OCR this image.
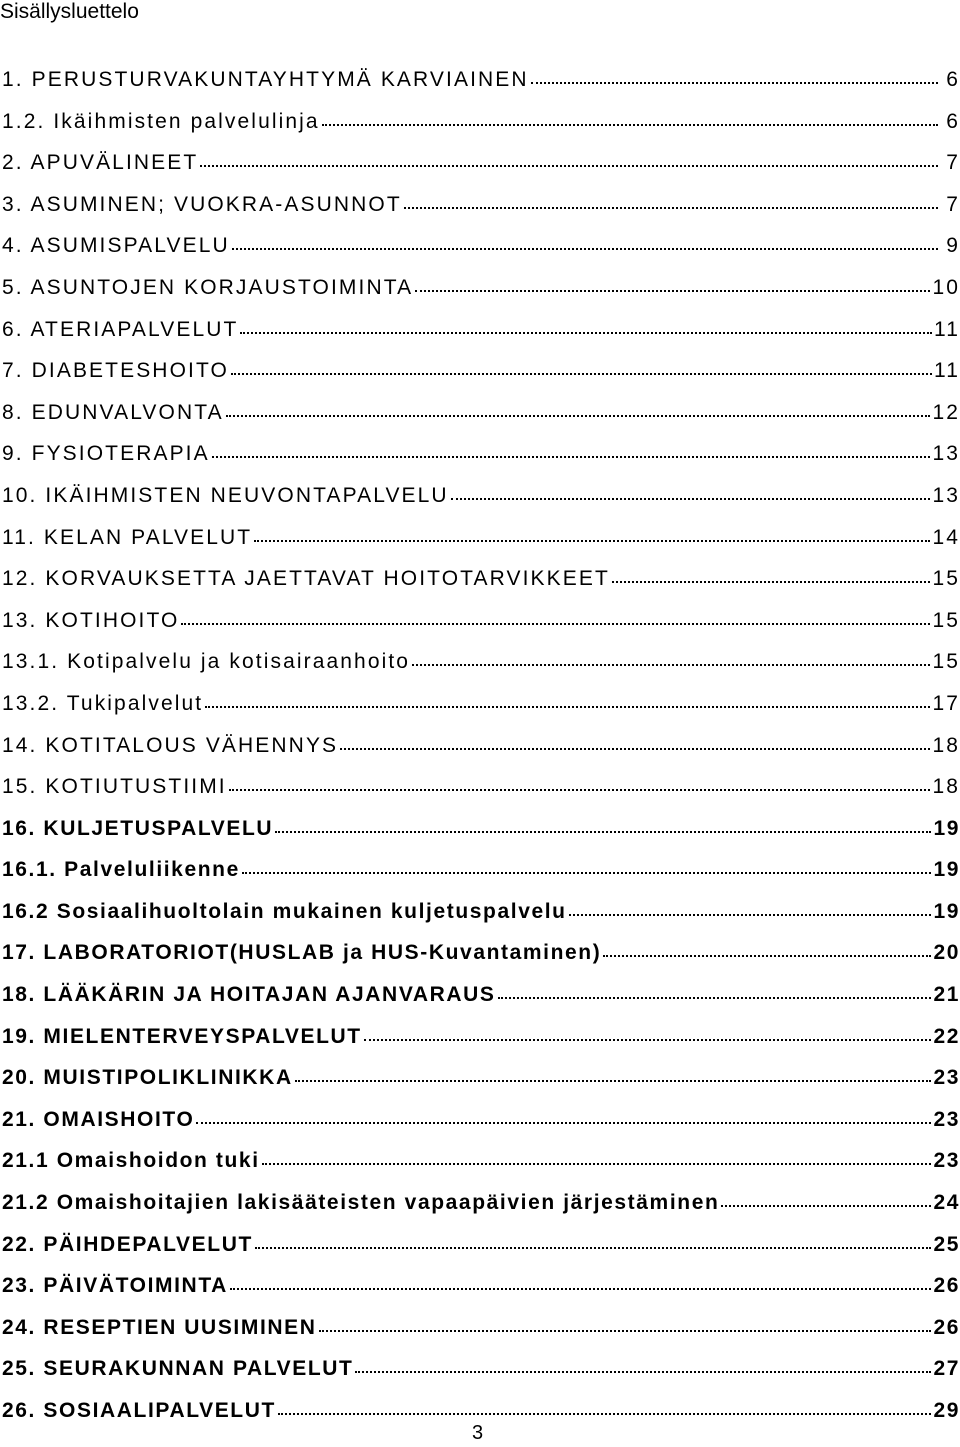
Sisällysluettelo
1. PERUSTURVAKUNTAYHTYMÄ KARVIAINEN	6
1.2. Ikäihmisten palvelulinja	6
2. APUVÄLINEET	7
3. ASUMINEN; VUOKRA-ASUNNOT	7
4. ASUMISPALVELU	9
5. ASUNTOJEN KORJAUSTOIMINTA	10
6. ATERIAPALVELUT	11
7. DIABETESHOITO	11
8. EDUNVALVONTA	12
9. FYSIOTERAPIA	13
10. IKÄIHMISTEN NEUVONTAPALVELU	13
11. KELAN PALVELUT	14
12. KORVAUKSETTA JAETTAVAT HOITOTARVIKKEET	15
13. KOTIHOITO	15
13.1. Kotipalvelu ja kotisairaanhoito	15
13.2. Tukipalvelut	17
14. KOTITALOUS VÄHENNYS	18
15. KOTIUTUSTIIMI	18
16. KULJETUSPALVELU	19
16.1. Palveluliikenne	19
16.2 Sosiaalihuoltolain mukainen kuljetuspalvelu	19
17. LABORATORIOT(HUSLAB ja HUS-Kuvantaminen)	20
18. LÄÄKÄRIN JA HOITAJAN AJANVARAUS	21
19. MIELENTERVEYSPALVELUT	22
20. MUISTIPOLIKLINIKKA	23
21. OMAISHOITO	23
21.1 Omaishoidon tuki	23
21.2 Omaishoitajien lakisääteisten vapaapäivien järjestäminen	24
22. PÄIHDEPALVELUT	25
23. PÄIVÄTOIMINTA	26
24. RESEPTIEN UUSIMINEN	26
25. SEURAKUNNAN PALVELUT	27
26. SOSIAALIPALVELUT	29
3
